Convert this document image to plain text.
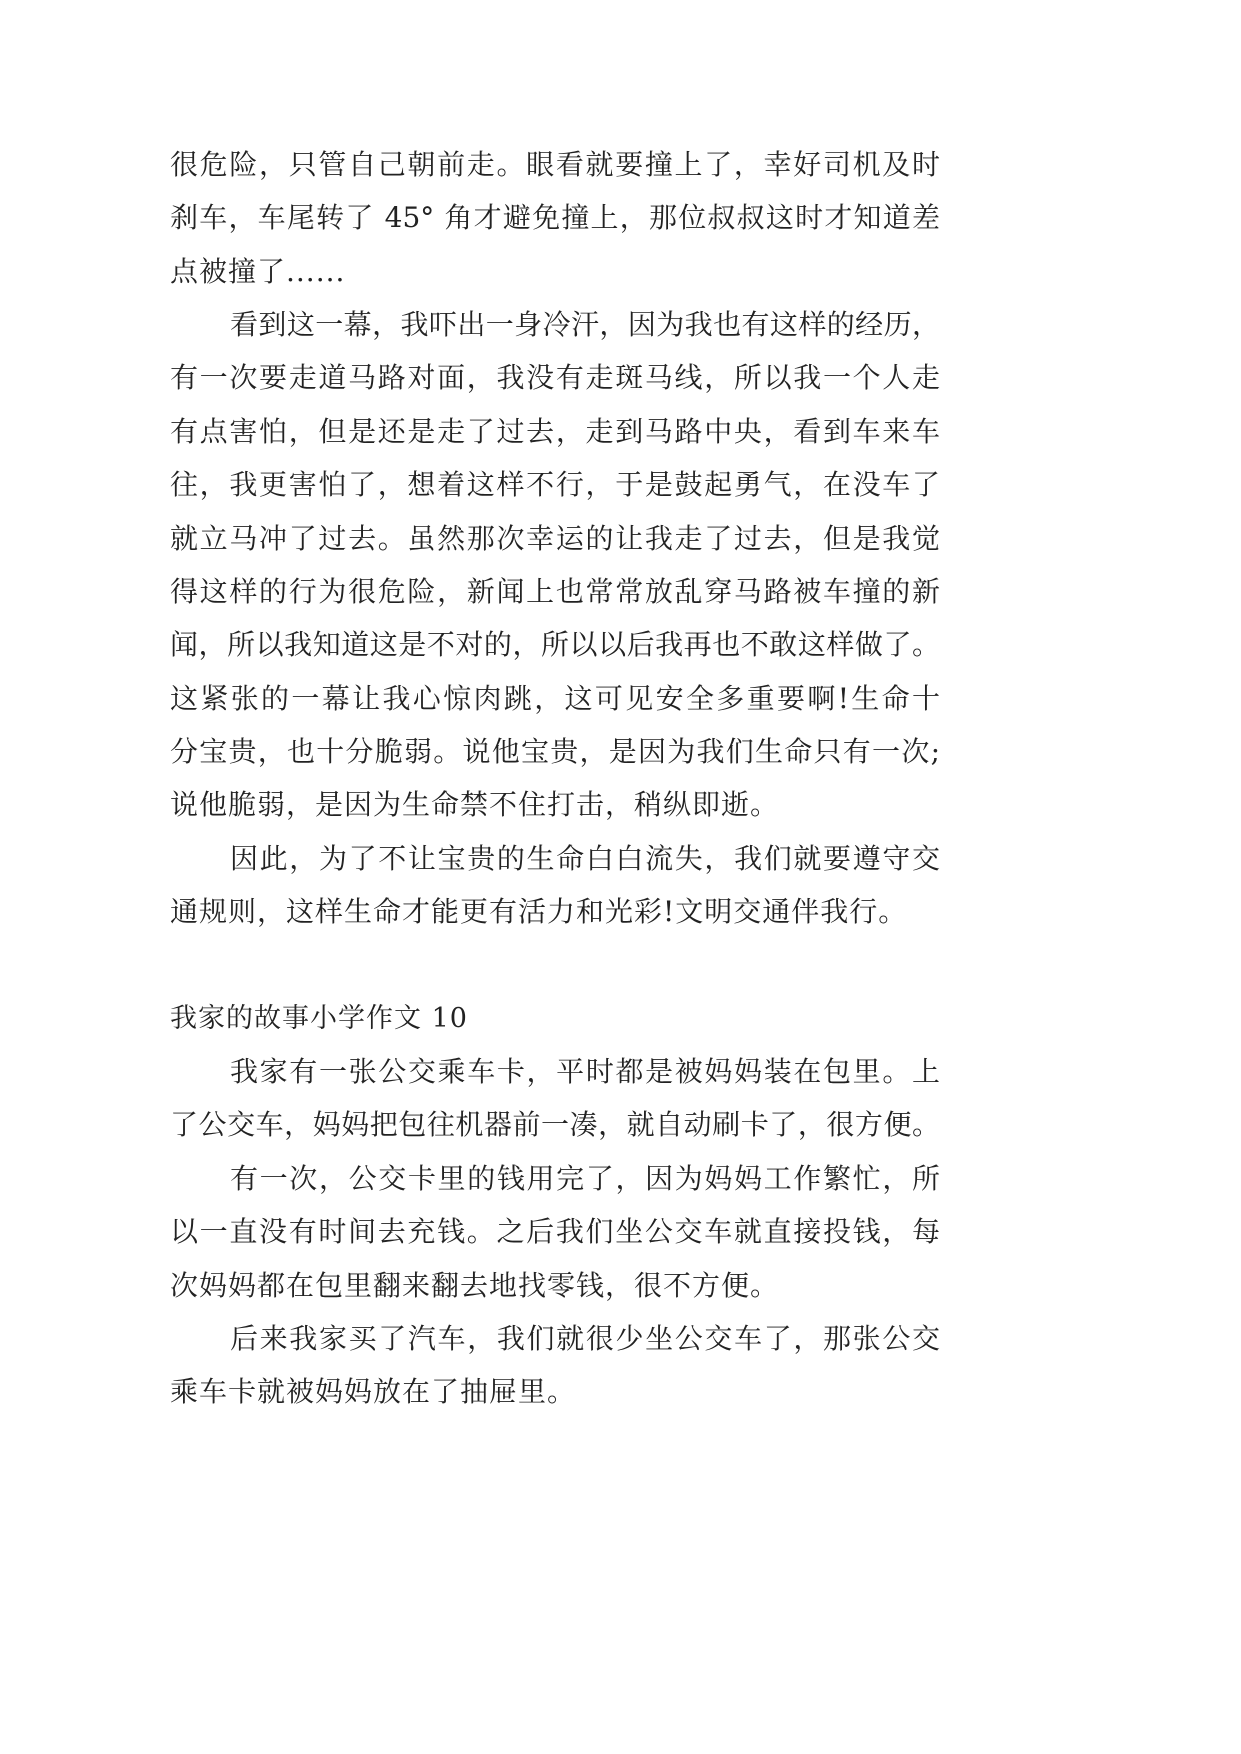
很危险，只管自己朝前走。眼看就要撞上了，幸好司机及时
刹车，车尾转了 45° 角才避免撞上，那位叔叔这时才知道差
点被撞了......
看到这一幕，我吓出一身冷汗，因为我也有这样的经历，
有一次要走道马路对面，我没有走斑马线，所以我一个人走
有点害怕，但是还是走了过去，走到马路中央，看到车来车
往，我更害怕了，想着这样不行，于是鼓起勇气，在没车了
就立马冲了过去。虽然那次幸运的让我走了过去，但是我觉
得这样的行为很危险，新闻上也常常放乱穿马路被车撞的新
闻，所以我知道这是不对的，所以以后我再也不敢这样做了。
这紧张的一幕让我心惊肉跳，这可见安全多重要啊!生命十
分宝贵，也十分脆弱。说他宝贵，是因为我们生命只有一次;
说他脆弱，是因为生命禁不住打击，稍纵即逝。
因此，为了不让宝贵的生命白白流失，我们就要遵守交
通规则，这样生命才能更有活力和光彩!文明交通伴我行。
我家的故事小学作文 10
我家有一张公交乘车卡，平时都是被妈妈装在包里。上
了公交车，妈妈把包往机器前一凑，就自动刷卡了，很方便。
有一次，公交卡里的钱用完了，因为妈妈工作繁忙，所
以一直没有时间去充钱。之后我们坐公交车就直接投钱，每
次妈妈都在包里翻来翻去地找零钱，很不方便。
后来我家买了汽车，我们就很少坐公交车了，那张公交
乘车卡就被妈妈放在了抽屉里。
